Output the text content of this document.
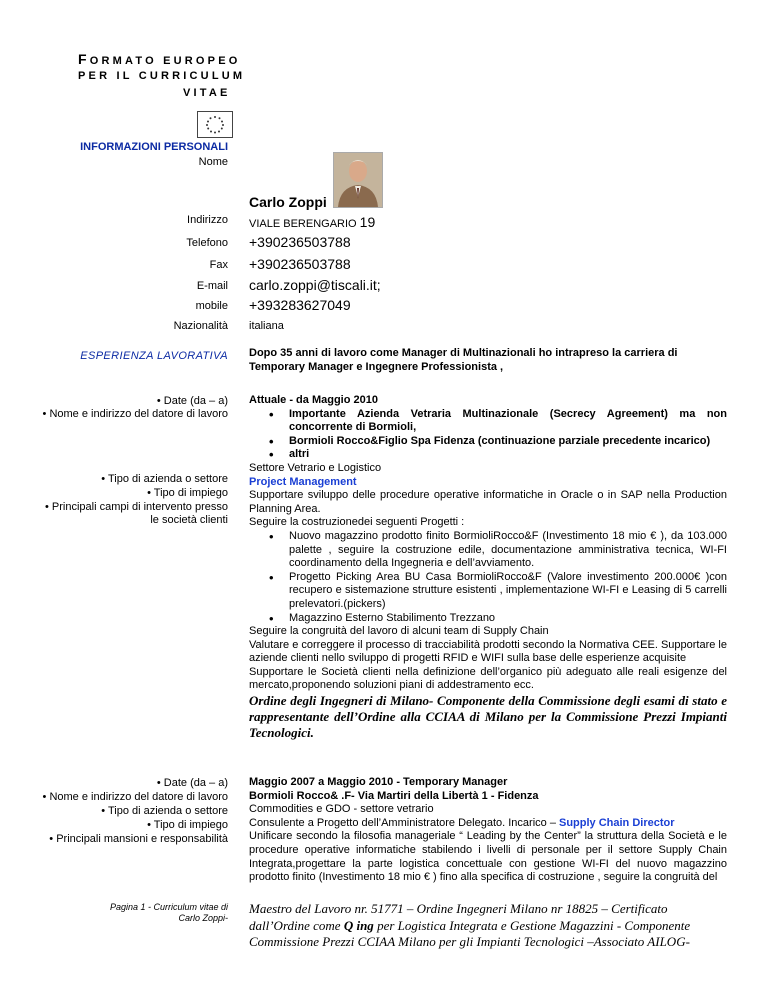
FORMATO EUROPEO
PER IL CURRICULUM
VITAE
INFORMAZIONI PERSONALI
Nome
Carlo Zoppi
Indirizzo VIALE BERENGARIO 19
Telefono +390236503788
Fax +390236503788
E-mail carlo.zoppi@tiscali.it;
mobile +393283627049
Nazionalità italiana
ESPERIENZA LAVORATIVA Dopo 35 anni di lavoro come Manager di Multinazionali ho intrapreso la carriera di Temporary Manager e Ingegnere Professionista ,
• Date (da – a)
• Nome e indirizzo del datore di lavoro
• Tipo di azienda o settore
• Tipo di impiego
• Principali campi di intervento presso
le società clienti

Attuale - da Maggio 2010

• Importante Azienda Vetraria Multinazionale (Secrecy Agreement) ma non concorrente di Bormioli,
• Bormioli Rocco&Figlio Spa Fidenza (continuazione parziale precedente incarico)
• altri

Settore Vetrario e Logistico

Project Management

Supportare sviluppo delle procedure operative informatiche in Oracle o in SAP nella Production Planning Area.

Seguire la costruzionedei seguenti Progetti :

• Nuovo magazzino prodotto finito BormioliRocco&F (Investimento 18 mio € ), da 103.000 palette , seguire la costruzione edile, documentazione amministrativa tecnica, WI-FI coordinamento della Ingegneria e dell’avviamento.
• Progetto Picking Area BU Casa BormioliRocco&F (Valore investimento 200.000€ )con recupero e sistemazione strutture esistenti , implementazione WI-FI e Leasing di 5 carrelli prelevatori.(pickers)
• Magazzino Esterno Stabilimento Trezzano

Seguire la congruità del lavoro di alcuni team di Supply Chain

Valutare e correggere il processo di tracciabilità prodotti secondo la Normativa CEE. Supportare le aziende clienti nello sviluppo di progetti RFID e WIFI sulla base delle esperienze acquisite

Supportare le Società clienti nella definizione dell’organico più adeguato alle reali esigenze del mercato,proponendo soluzioni piani di addestramento ecc.

Ordine degli Ingegneri di Milano- Componente della Commissione degli esami di stato e rappresentante dell’Ordine alla CCIAA di Milano per la Commissione Prezzi Impianti Tecnologici.

• Date (da – a)
• Nome e indirizzo del datore di lavoro
• Tipo di azienda o settore
• Tipo di impiego
• Principali mansioni e responsabilità

Maggio 2007 a Maggio 2010 - Temporary Manager

Bormioli Rocco& .F- Via Martiri della Libertà 1 - Fidenza

Commodities e GDO - settore vetrario

Consulente a Progetto dell’Amministratore Delegato. Incarico – Supply Chain Director

Unificare secondo la filosofia manageriale “ Leading by the Center” la struttura della Società e le procedure operative informatiche stabilendo i livelli di personale per il settore Supply Chain Integrata,progettare la parte logistica concettuale con gestione WI-FI del nuovo magazzino prodotto finito (Investimento 18 mio € ) fino alla specifica di costruzione , seguire la congruità del

Pagina 1 - Curriculum vitae di
Carlo Zoppi-
Maestro del Lavoro nr. 51771 – Ordine Ingegneri Milano nr 18825 – Certificato dall’Ordine come Q ing per Logistica Integrata e Gestione Magazzini - Componente Commissione Prezzi CCIAA Milano per gli Impianti Tecnologici –Associato AILOG-
